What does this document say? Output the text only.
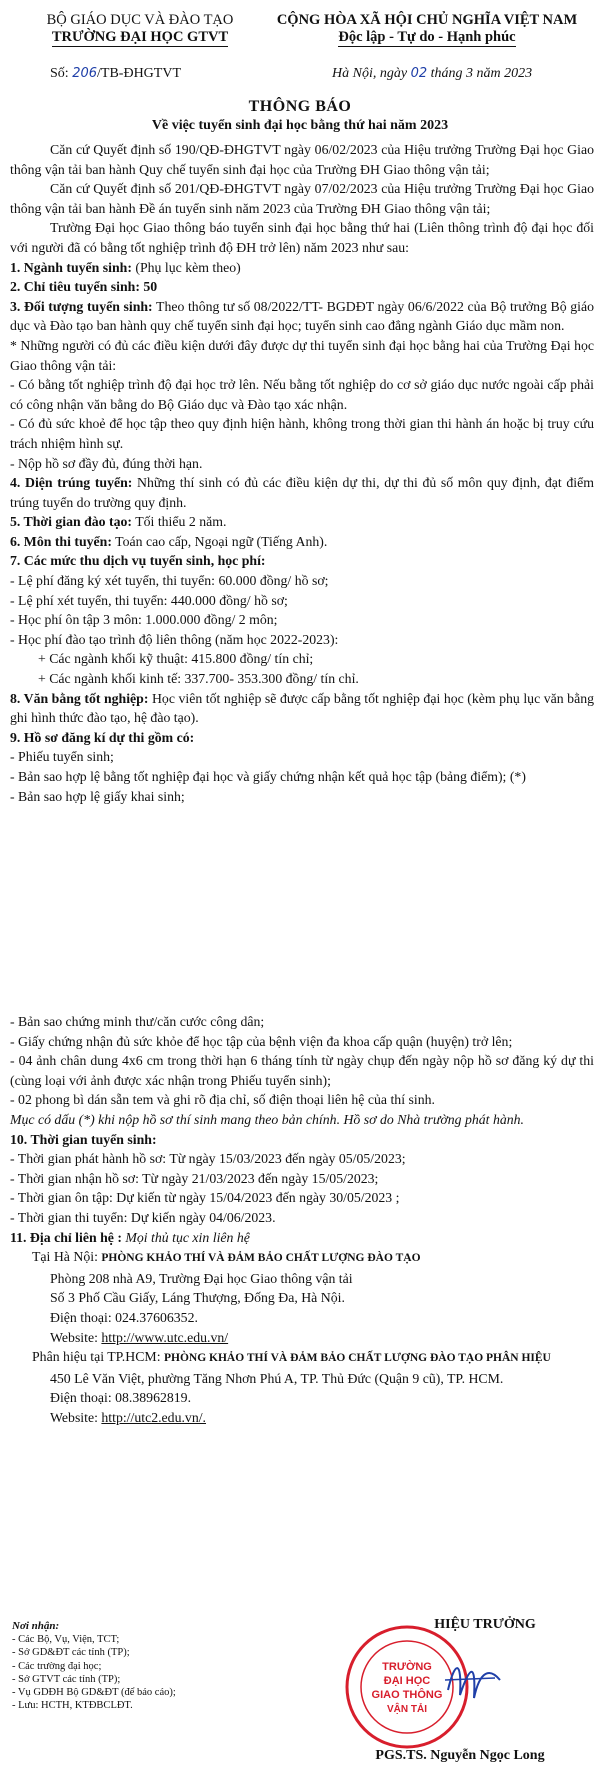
BỘ GIÁO DỤC VÀ ĐÀO TẠO
TRƯỜNG ĐẠI HỌC GTVT
CỘNG HÒA XÃ HỘI CHỦ NGHĨA VIỆT NAM
Độc lập - Tự do - Hạnh phúc
Số: 206/TB-ĐHGTVT	Hà Nội, ngày 02 tháng 3 năm 2023
THÔNG BÁO
Về việc tuyển sinh đại học bằng thứ hai năm 2023

Căn cứ Quyết định số 190/QĐ-ĐHGTVT ngày 06/02/2023 của Hiệu trưởng Trường Đại học Giao thông vận tải ban hành Quy chế tuyển sinh đại học của Trường ĐH Giao thông vận tải;

Căn cứ Quyết định số 201/QĐ-ĐHGTVT ngày 07/02/2023 của Hiệu trưởng Trường Đại học Giao thông vận tải ban hành Đề án tuyển sinh năm 2023 của Trường ĐH Giao thông vận tải;

Trường Đại học Giao thông báo tuyển sinh đại học bằng thứ hai (Liên thông trình độ đại học đối với người đã có bằng tốt nghiệp trình độ ĐH trở lên) năm 2023 như sau:

1. Ngành tuyển sinh: (Phụ lục kèm theo)

2. Chỉ tiêu tuyển sinh: 50

3. Đối tượng tuyển sinh: Theo thông tư số 08/2022/TT- BGDĐT ngày 06/6/2022 của Bộ trưởng Bộ giáo dục và Đào tạo ban hành quy chế tuyển sinh đại học; tuyển sinh cao đẳng ngành Giáo dục mầm non.

* Những người có đủ các điều kiện dưới đây được dự thi tuyển sinh đại học bằng hai của Trường Đại học Giao thông vận tải:

- Có bằng tốt nghiệp trình độ đại học trở lên. Nếu bằng tốt nghiệp do cơ sở giáo dục nước ngoài cấp phải có công nhận văn bằng do Bộ Giáo dục và Đào tạo xác nhận.

- Có đủ sức khoẻ để học tập theo quy định hiện hành, không trong thời gian thi hành án hoặc bị truy cứu trách nhiệm hình sự.

- Nộp hồ sơ đầy đủ, đúng thời hạn.

4. Diện trúng tuyển: Những thí sinh có đủ các điều kiện dự thi, dự thi đủ số môn quy định, đạt điểm trúng tuyển do trường quy định.

5. Thời gian đào tạo: Tối thiểu 2 năm.

6. Môn thi tuyển: Toán cao cấp, Ngoại ngữ (Tiếng Anh).

7. Các mức thu dịch vụ tuyển sinh, học phí:

- Lệ phí đăng ký xét tuyển, thi tuyển: 60.000 đồng/ hồ sơ;

- Lệ phí xét tuyển, thi tuyển: 440.000 đồng/ hồ sơ;

- Học phí ôn tập 3 môn: 1.000.000 đồng/ 2 môn;

- Học phí đào tạo trình độ liên thông (năm học 2022-2023):

+ Các ngành khối kỹ thuật: 415.800 đồng/ tín chỉ;

+ Các ngành khối kinh tế: 337.700- 353.300 đồng/ tín chỉ.

8. Văn bằng tốt nghiệp: Học viên tốt nghiệp sẽ được cấp bằng tốt nghiệp đại học (kèm phụ lục văn bằng ghi hình thức đào tạo, hệ đào tạo).

9. Hồ sơ đăng kí dự thi gồm có:

- Phiếu tuyển sinh;

- Bản sao hợp lệ bằng tốt nghiệp đại học và giấy chứng nhận kết quả học tập (bảng điểm); (*)

- Bản sao hợp lệ giấy khai sinh;

- Bản sao chứng minh thư/căn cước công dân;

- Giấy chứng nhận đủ sức khỏe để học tập của bệnh viện đa khoa cấp quận (huyện) trở lên;

- 04 ảnh chân dung 4x6 cm trong thời hạn 6 tháng tính từ ngày chụp đến ngày nộp hồ sơ đăng ký dự thi (cùng loại với ảnh được xác nhận trong Phiếu tuyển sinh);

- 02 phong bì dán sẵn tem và ghi rõ địa chỉ, số điện thoại liên hệ của thí sinh.

Mục có dấu (*) khi nộp hồ sơ thí sinh mang theo bản chính. Hồ sơ do Nhà trường phát hành.

10. Thời gian tuyển sinh:

- Thời gian phát hành hồ sơ: Từ ngày 15/03/2023 đến ngày 05/05/2023;

- Thời gian nhận hồ sơ: Từ ngày 21/03/2023 đến ngày 15/05/2023;

- Thời gian ôn tập: Dự kiến từ ngày 15/04/2023 đến ngày 30/05/2023 ;

- Thời gian thi tuyển: Dự kiến ngày 04/06/2023.

11. Địa chỉ liên hệ : Mọi thủ tục xin liên hệ

Tại Hà Nội: PHÒNG KHẢO THÍ VÀ ĐẢM BẢO CHẤT LƯỢNG ĐÀO TẠO

Phòng 208 nhà A9, Trường Đại học Giao thông vận tải

Số 3 Phố Cầu Giấy, Láng Thượng, Đống Đa, Hà Nội.

Điện thoại: 024.37606352.

Website: http://www.utc.edu.vn/

Phân hiệu tại TP.HCM: PHÒNG KHẢO THÍ VÀ ĐẢM BẢO CHẤT LƯỢNG ĐÀO TẠO PHÂN HIỆU

450 Lê Văn Việt, phường Tăng Nhơn Phú A, TP. Thủ Đức (Quận 9 cũ), TP. HCM.

Điện thoại: 08.38962819.

Website: http://utc2.edu.vn/.

Nơi nhận:
- Các Bộ, Vụ, Viện, TCT;
- Sở GD&ĐT các tỉnh (TP);
- Các trường đại học;
- Sở GTVT các tỉnh (TP);
- Vụ GDĐH Bộ GD&ĐT (để báo cáo);
- Lưu: HCTH, KTĐBCLĐT.
TRƯỜNG
ĐẠI HỌC
GIAO THÔNG
VẬN TẢI
HIỆU TRƯỞNG
PGS.TS. Nguyễn Ngọc Long
